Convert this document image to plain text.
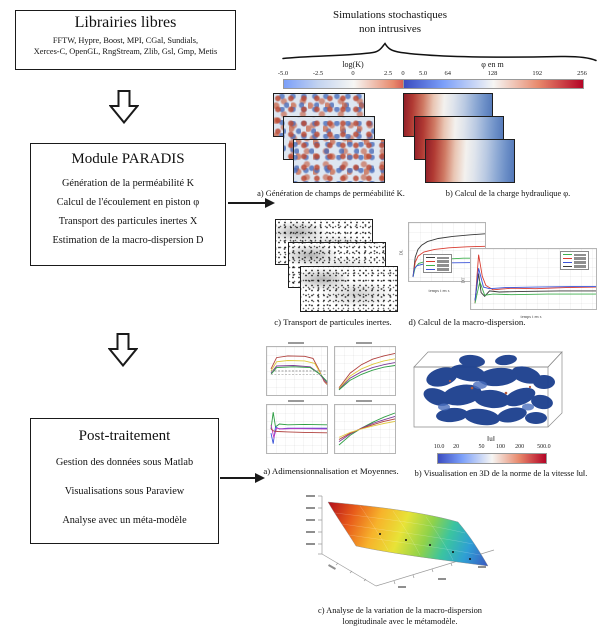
Librairies libres
FFTW, Hypre, Boost, MPI, CGal, Sundials,
Xerces-C, OpenGL, RngStream, Zlib, Gsl, Gmp, Metis
Module PARADIS
Génération de la perméabilité K
Calcul de l'écoulement en piston φ
Transport des particules inertes X
Estimation de la macro-dispersion D
Post-traitement
Gestion des données sous Matlab
Visualisations sous Paraview
Analyse avec un méta-modèle
Simulations stochastiques
non intrusives
log(K)
-5.0	-2.5	0	2.5	5.0
a) Génération de champs de perméabilité K.
φ en m
0	64	128	192	256
b) Calcul de la charge hydraulique φ.
c) Transport de particules inertes.
DL
temps t en s
DT
temps t en s
d) Calcul de la macro-dispersion.
a) Adimensionnalisation et Moyennes.
‖u‖
10.0 20	50 100 200 500.0
b) Visualisation en 3D de la norme de la vitesse ‖u‖.
c) Analyse de la variation de la macro-dispersion
longitudinale avec le métamodèle.
